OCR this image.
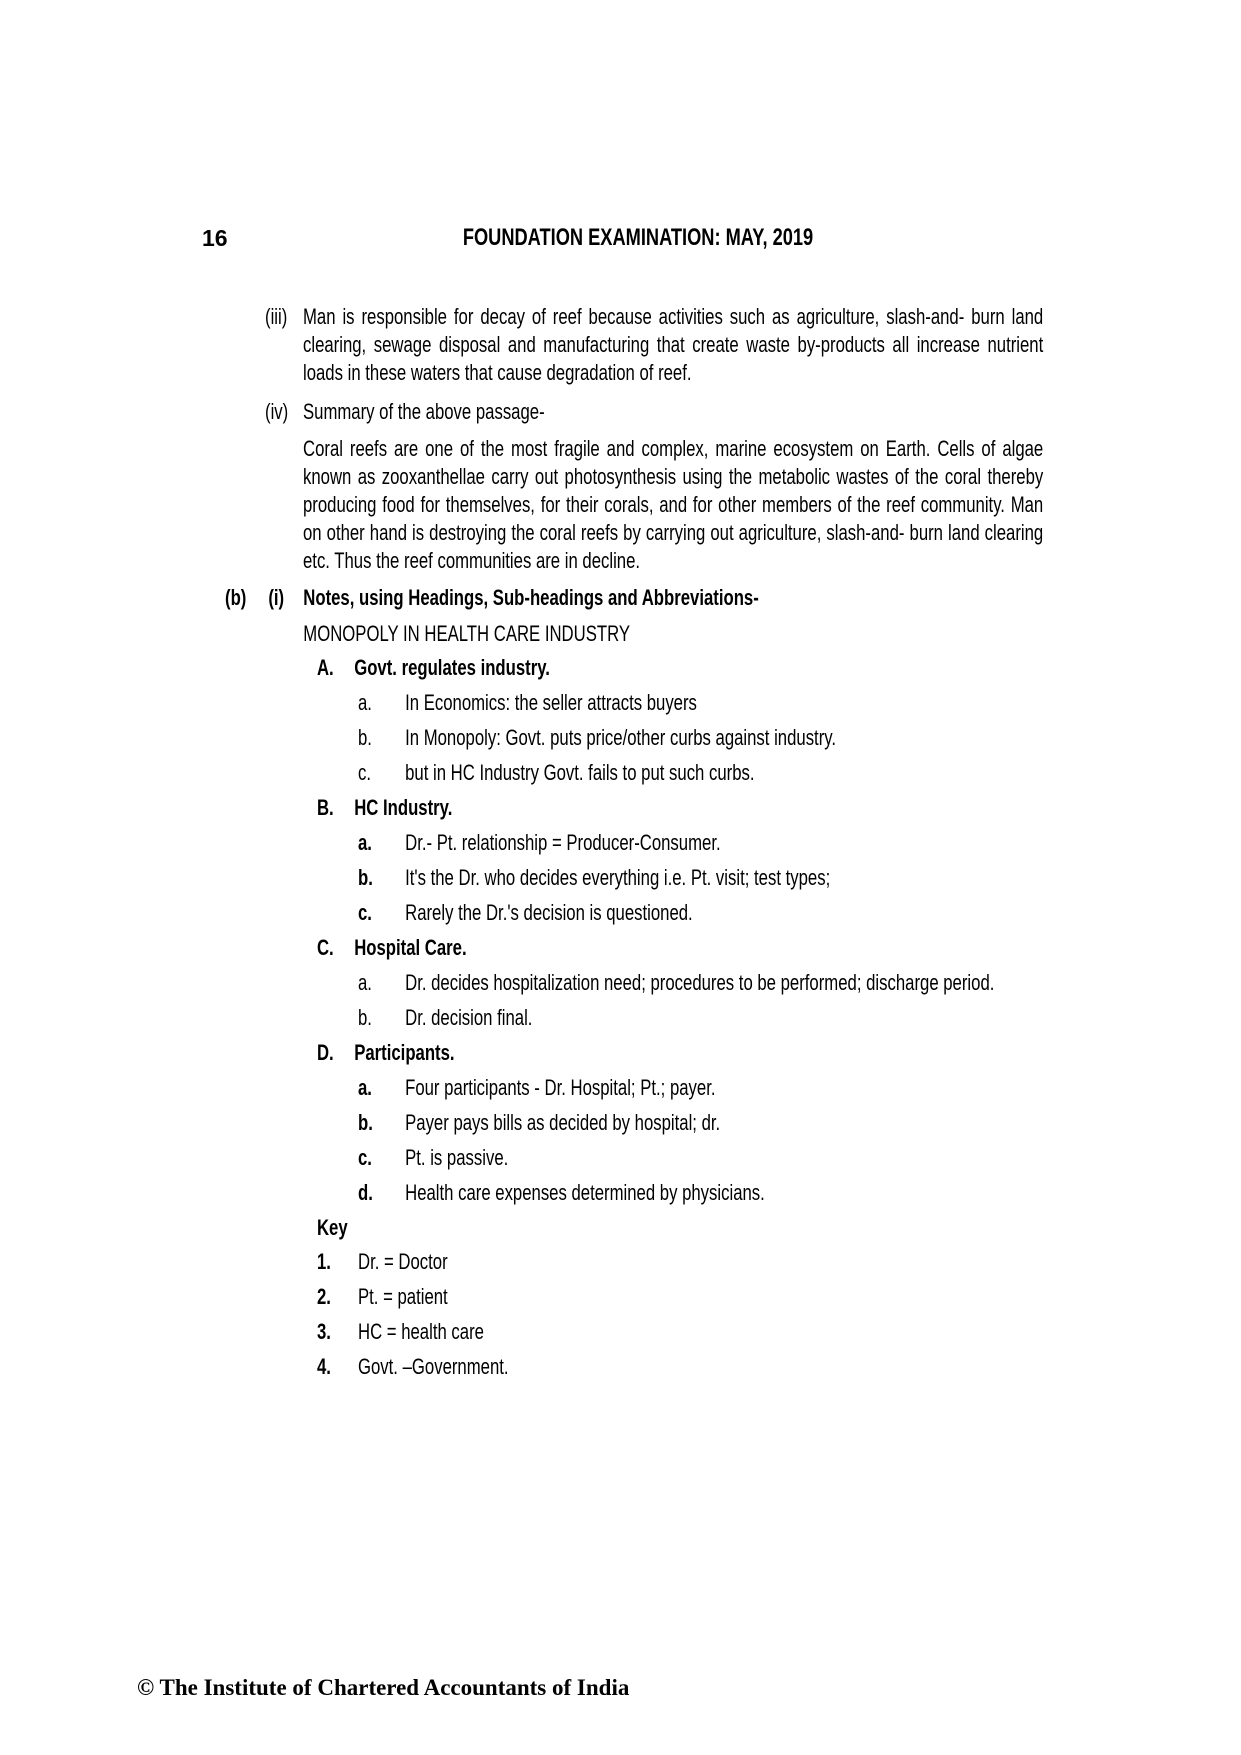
16	FOUNDATION EXAMINATION: MAY, 2019
(iii) Man is responsible for decay of reef because activities such as agriculture, slash-and- burn land clearing, sewage disposal and manufacturing that create waste by-products all increase nutrient loads in these waters that cause degradation of reef.
(iv) Summary of the above passage-
Coral reefs are one of the most fragile and complex, marine ecosystem on Earth. Cells of algae known as zooxanthellae carry out photosynthesis using the metabolic wastes of the coral thereby producing food for themselves, for their corals, and for other members of the reef community. Man on other hand is destroying the coral reefs by carrying out agriculture, slash-and- burn land clearing etc. Thus the reef communities are in decline.
(b) (i) Notes, using Headings, Sub-headings and Abbreviations-
MONOPOLY IN HEALTH CARE INDUSTRY
A. Govt. regulates industry.
a.	In Economics: the seller attracts buyers
b.	In Monopoly: Govt. puts price/other curbs against industry.
c.	but in HC Industry Govt. fails to put such curbs.
B. HC Industry.
a.	Dr.- Pt. relationship = Producer-Consumer.
b.	It's the Dr. who decides everything i.e. Pt. visit; test types;
c.	Rarely the Dr.'s decision is questioned.
C. Hospital Care.
a.	Dr. decides hospitalization need; procedures to be performed; discharge period.
b.	Dr. decision final.
D. Participants.
a.	Four participants - Dr. Hospital; Pt.; payer.
b.	Payer pays bills as decided by hospital; dr.
c.	Pt. is passive.
d.	Health care expenses determined by physicians.
Key
1.	Dr. = Doctor
2.	Pt. = patient
3.	HC = health care
4.	Govt. –Government.
© The Institute of Chartered Accountants of India
